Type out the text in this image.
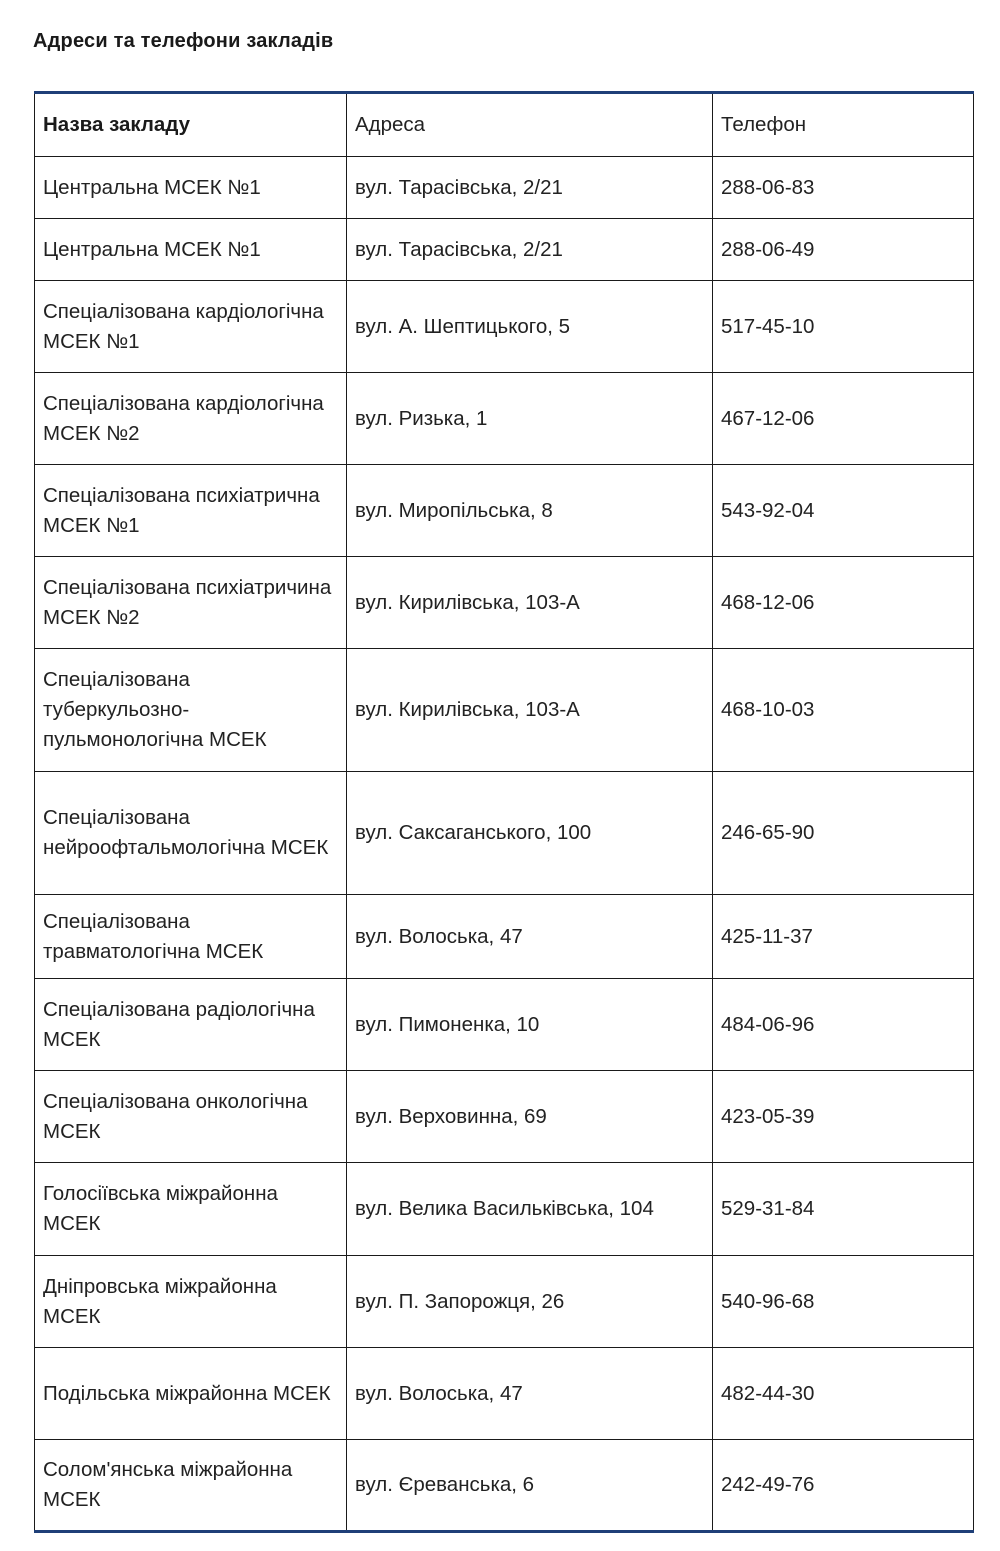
Адреси та телефони закладів
Назва закладу	Адреса	Телефон
Центральна МСЕК №1	вул. Тарасівська, 2/21	288-06-83
Центральна МСЕК №1	вул. Тарасівська, 2/21	288-06-49
Спеціалізована кардіологічна МСЕК №1	вул. А. Шептицького, 5	517-45-10
Спеціалізована кардіологічна МСЕК №2	вул. Ризька, 1	467-12-06
Спеціалізована психіатрична МСЕК №1	вул. Миропільська, 8	543-92-04
Спеціалізована психіатричина МСЕК №2	вул. Кирилівська, 103-А	468-12-06
Спеціалізована туберкульозно-пульмонологічна МСЕК	вул. Кирилівська, 103-А	468-10-03
Спеціалізована нейроофтальмологічна МСЕК	вул. Саксаганського, 100	246-65-90
Спеціалізована травматологічна МСЕК	вул. Волоська, 47	425-11-37
Спеціалізована радіологічна МСЕК	вул. Пимоненка, 10	484-06-96
Спеціалізована онкологічна МСЕК	вул. Верховинна, 69	423-05-39
Голосіївська міжрайонна МСЕК	вул. Велика Васильківська, 104	529-31-84
Дніпровська міжрайонна МСЕК	вул. П. Запорожця, 26	540-96-68
Подільська міжрайонна МСЕК	вул. Волоська, 47	482-44-30
Солом'янська міжрайонна МСЕК	вул. Єреванська, 6	242-49-76
